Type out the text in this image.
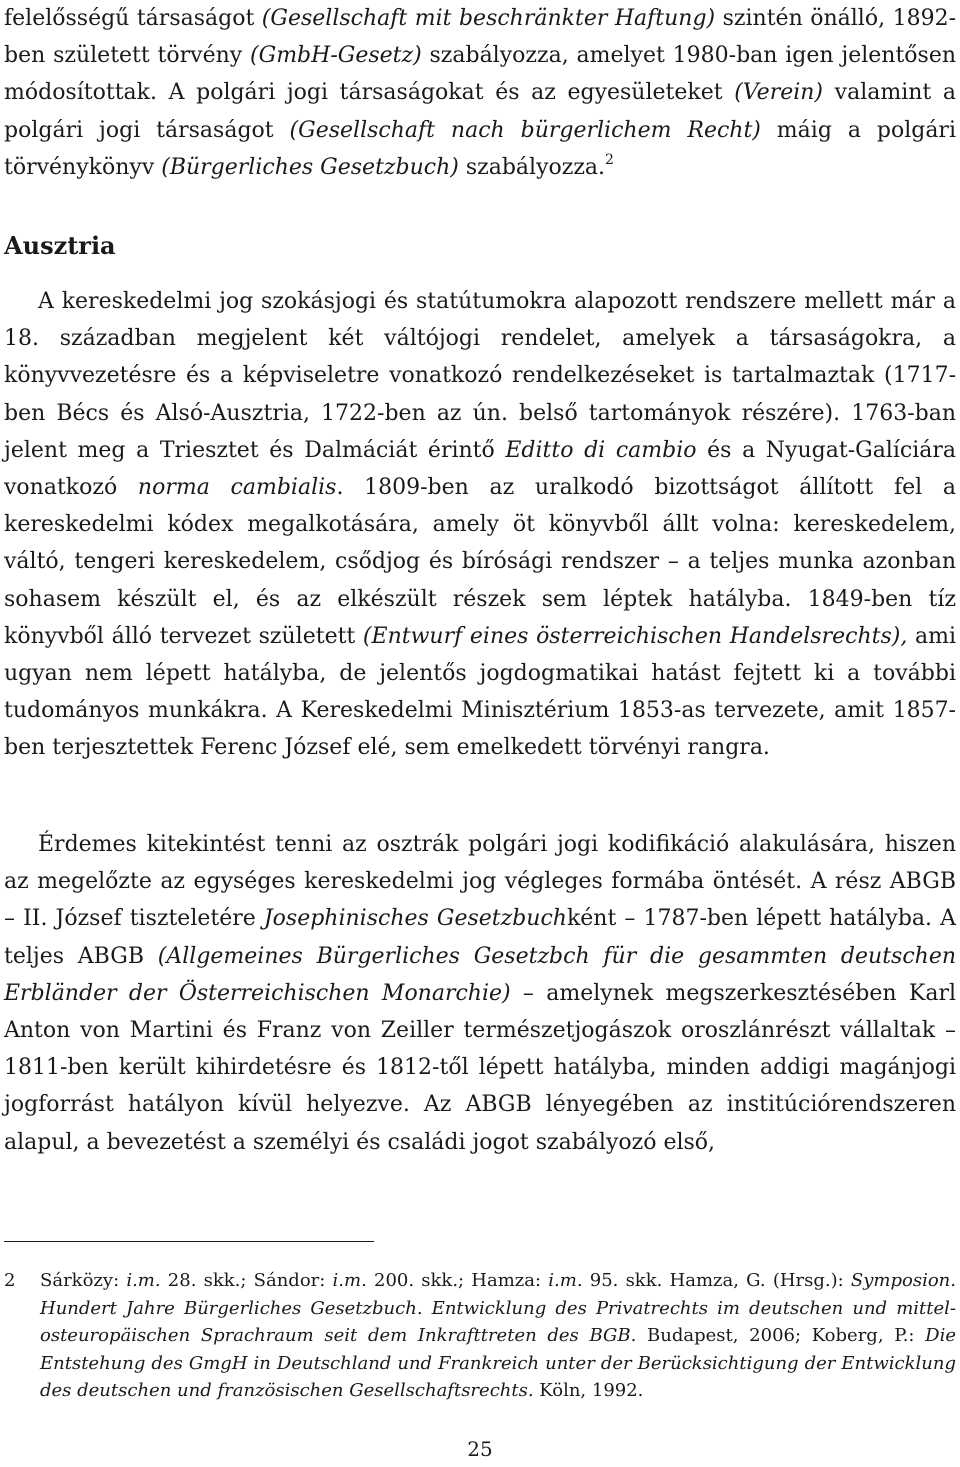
felelősségű társaságot (Gesellschaft mit beschränkter Haftung) szintén önálló, 1892-ben született törvény (GmbH-Gesetz) szabályozza, amelyet 1980-ban igen jelentősen módosítottak. A polgári jogi társaságokat és az egyesületeket (Verein) valamint a polgári jogi társaságot (Gesellschaft nach bürgerlichem Recht) máig a polgári törvénykönyv (Bürgerliches Gesetzbuch) szabályozza.$^2$

Ausztria

A kereskedelmi jog szokásjogi és statútumokra alapozott rendszere mellett már a 18. században megjelent két váltójogi rendelet, amelyek a társaságokra, a könyvvezetésre és a képviseletre vonatkozó rendelkezéseket is tartalmaztak (1717-ben Bécs és Alsó-Ausztria, 1722-ben az ún. belső tartományok részére). 1763-ban jelent meg a Triesztet és Dalmáciát érintő Editto di cambio és a Nyugat-Galíciára vonatkozó norma cambialis. 1809-ben az uralkodó bizottságot állított fel a kereskedelmi kódex megalkotására, amely öt könyvből állt volna: kereskedelem, váltó, tengeri kereskedelem, csődjog és bírósági rendszer – a teljes munka azonban sohasem készült el, és az elkészült részek sem léptek hatályba. 1849-ben tíz könyvből álló tervezet született (Entwurf eines österreichischen Handelsrechts), ami ugyan nem lépett hatályba, de jelentős jogdogmatikai hatást fejtett ki a további tudományos munkákra. A Kereskedelmi Minisztérium 1853-as tervezete, amit 1857-ben terjesztettek Ferenc József elé, sem emelkedett törvényi rangra.

Érdemes kitekintést tenni az osztrák polgári jogi kodifikáció alakulására, hiszen az megelőzte az egységes kereskedelmi jog végleges formába öntését. A rész ABGB – II. József tiszteletére Josephinisches Gesetzbuchként – 1787-ben lépett hatályba. A teljes ABGB (Allgemeines Bürgerliches Gesetzbch für die gesammten deutschen Erbländer der Österreichischen Monarchie) – amelynek megszerkesztésében Karl Anton von Martini és Franz von Zeiller természetjogászok oroszlánrészt vállaltak – 1811-ben került kihirdetésre és 1812-től lépett hatályba, minden addigi magánjogi jogforrást hatályon kívül helyezve. Az ABGB lényegében az institúciórendszeren alapul, a bevezetést a személyi és családi jogot szabályozó első,

2 Sárközy: i.m. 28. skk.; Sándor: i.m. 200. skk.; Hamza: i.m. 95. skk. Hamza, G. (Hrsg.): Symposion. Hundert Jahre Bürgerliches Gesetzbuch. Entwicklung des Privatrechts im deutschen und mittel-osteuropäischen Sprachraum seit dem Inkrafttreten des BGB. Budapest, 2006; Koberg, P.: Die Entstehung des GmgH in Deutschland und Frankreich unter der Berücksichtigung der Entwicklung des deutschen und französischen Gesellschaftsrechts. Köln, 1992.

25
